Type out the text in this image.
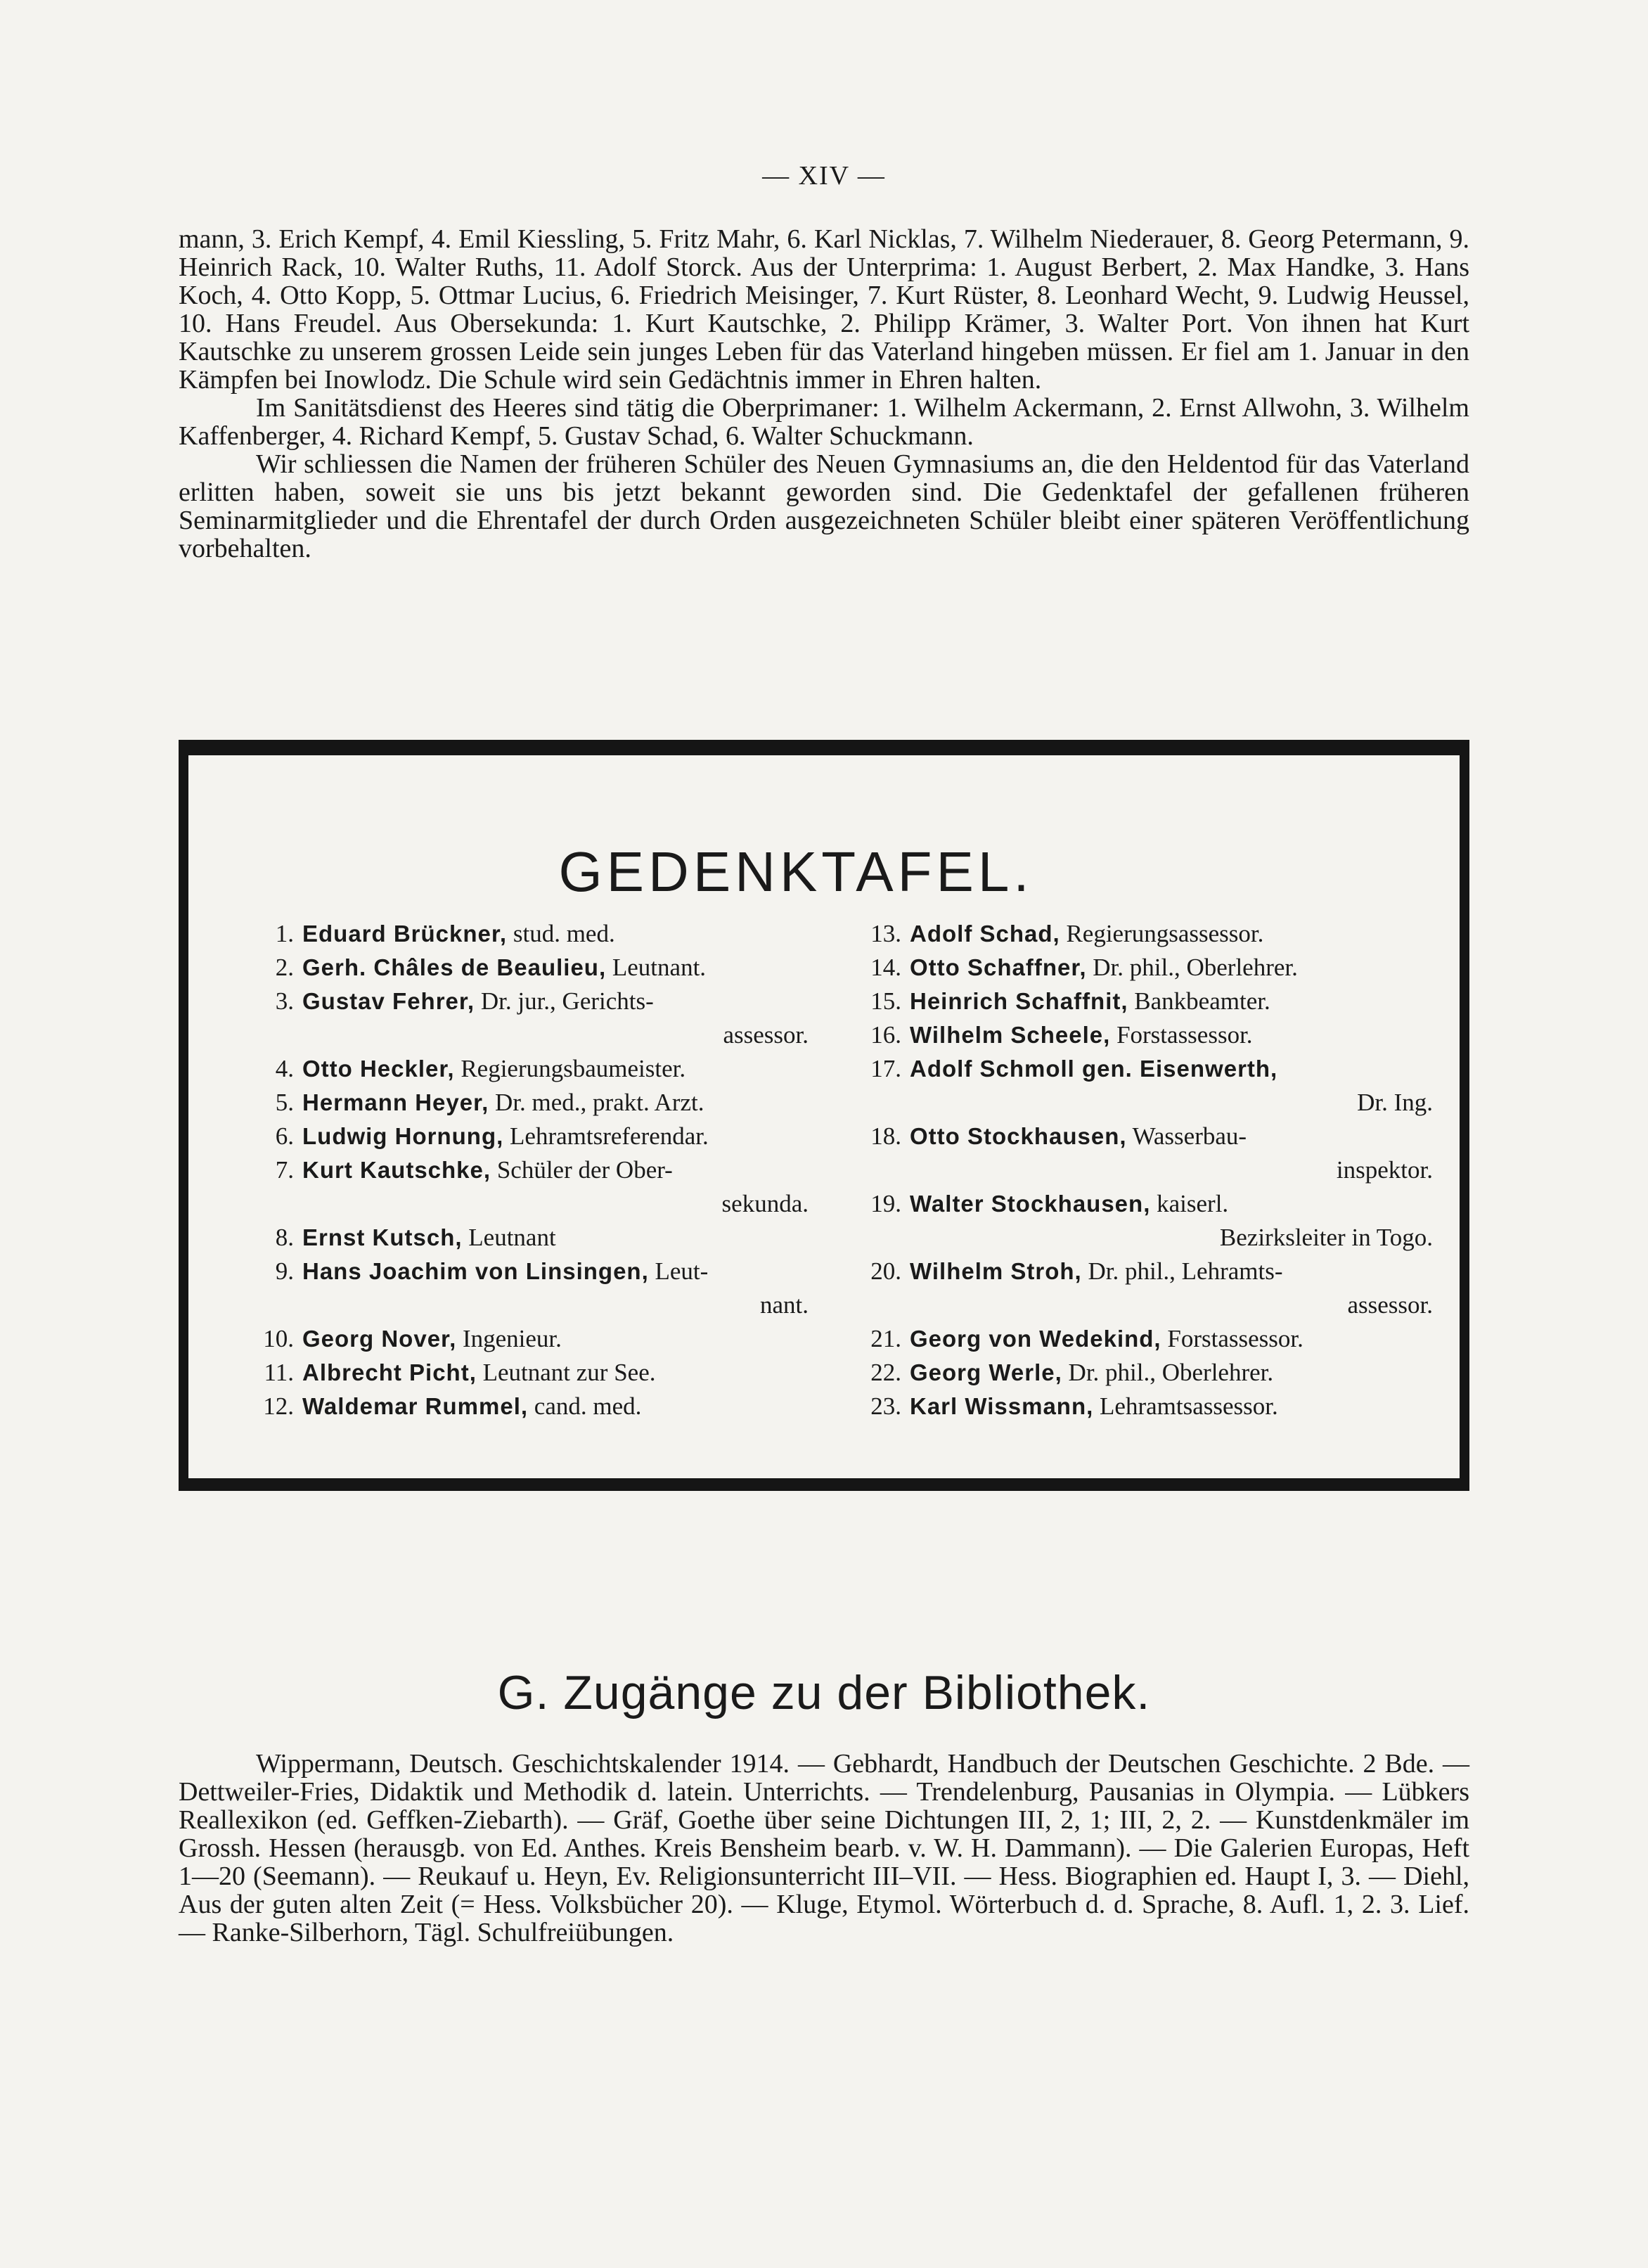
— XIV —

mann, 3. Erich Kempf, 4. Emil Kiessling, 5. Fritz Mahr, 6. Karl Nicklas, 7. Wilhelm Niederauer, 8. Georg Petermann, 9. Heinrich Rack, 10. Walter Ruths, 11. Adolf Storck. Aus der Unterprima: 1. August Berbert, 2. Max Handke, 3. Hans Koch, 4. Otto Kopp, 5. Ottmar Lucius, 6. Friedrich Meisinger, 7. Kurt Rüster, 8. Leonhard Wecht, 9. Ludwig Heussel, 10. Hans Freudel. Aus Obersekunda: 1. Kurt Kautschke, 2. Philipp Krämer, 3. Walter Port. Von ihnen hat Kurt Kautschke zu unserem grossen Leide sein junges Leben für das Vaterland hingeben müssen. Er fiel am 1. Januar in den Kämpfen bei Inowlodz. Die Schule wird sein Gedächtnis immer in Ehren halten.

Im Sanitätsdienst des Heeres sind tätig die Oberprimaner: 1. Wilhelm Ackermann, 2. Ernst Allwohn, 3. Wilhelm Kaffenberger, 4. Richard Kempf, 5. Gustav Schad, 6. Walter Schuckmann.

Wir schliessen die Namen der früheren Schüler des Neuen Gymnasiums an, die den Heldentod für das Vaterland erlitten haben, soweit sie uns bis jetzt bekannt geworden sind. Die Gedenktafel der gefallenen früheren Seminarmitglieder und die Ehrentafel der durch Orden ausgezeichneten Schüler bleibt einer späteren Veröffentlichung vorbehalten.

GEDENKTAFEL.
1. Eduard Brückner, stud. med.
2. Gerh. Châles de Beaulieu, Leutnant.
3. Gustav Fehrer, Dr. jur., Gerichts-
assessor.
4. Otto Heckler, Regierungsbaumeister.
5. Hermann Heyer, Dr. med., prakt. Arzt.
6. Ludwig Hornung, Lehramtsreferendar.
7. Kurt Kautschke, Schüler der Ober-
sekunda.
8. Ernst Kutsch, Leutnant
9. Hans Joachim von Linsingen, Leut-
nant.
10. Georg Nover, Ingenieur.
11. Albrecht Picht, Leutnant zur See.
12. Waldemar Rummel, cand. med.
13. Adolf Schad, Regierungsassessor.
14. Otto Schaffner, Dr. phil., Oberlehrer.
15. Heinrich Schaffnit, Bankbeamter.
16. Wilhelm Scheele, Forstassessor.
17. Adolf Schmoll gen. Eisenwerth,
Dr. Ing.
18. Otto Stockhausen, Wasserbau-
inspektor.
19. Walter Stockhausen, kaiserl.
Bezirksleiter in Togo.
20. Wilhelm Stroh, Dr. phil., Lehramts-
assessor.
21. Georg von Wedekind, Forstassessor.
22. Georg Werle, Dr. phil., Oberlehrer.
23. Karl Wissmann, Lehramtsassessor.
G. Zugänge zu der Bibliothek.

Wippermann, Deutsch. Geschichtskalender 1914. — Gebhardt, Handbuch der Deutschen Geschichte. 2 Bde. — Dettweiler-Fries, Didaktik und Methodik d. latein. Unterrichts. — Trendelenburg, Pausanias in Olympia. — Lübkers Reallexikon (ed. Geffken-Ziebarth). — Gräf, Goethe über seine Dichtungen III, 2, 1; III, 2, 2. — Kunstdenkmäler im Grossh. Hessen (herausgb. von Ed. Anthes. Kreis Bensheim bearb. v. W. H. Dammann). — Die Galerien Europas, Heft 1—20 (Seemann). — Reukauf u. Heyn, Ev. Religionsunterricht III–VII. — Hess. Biographien ed. Haupt I, 3. — Diehl, Aus der guten alten Zeit (= Hess. Volksbücher 20). — Kluge, Etymol. Wörterbuch d. d. Sprache, 8. Aufl. 1, 2. 3. Lief. — Ranke-Silberhorn, Tägl. Schulfreiübungen.
